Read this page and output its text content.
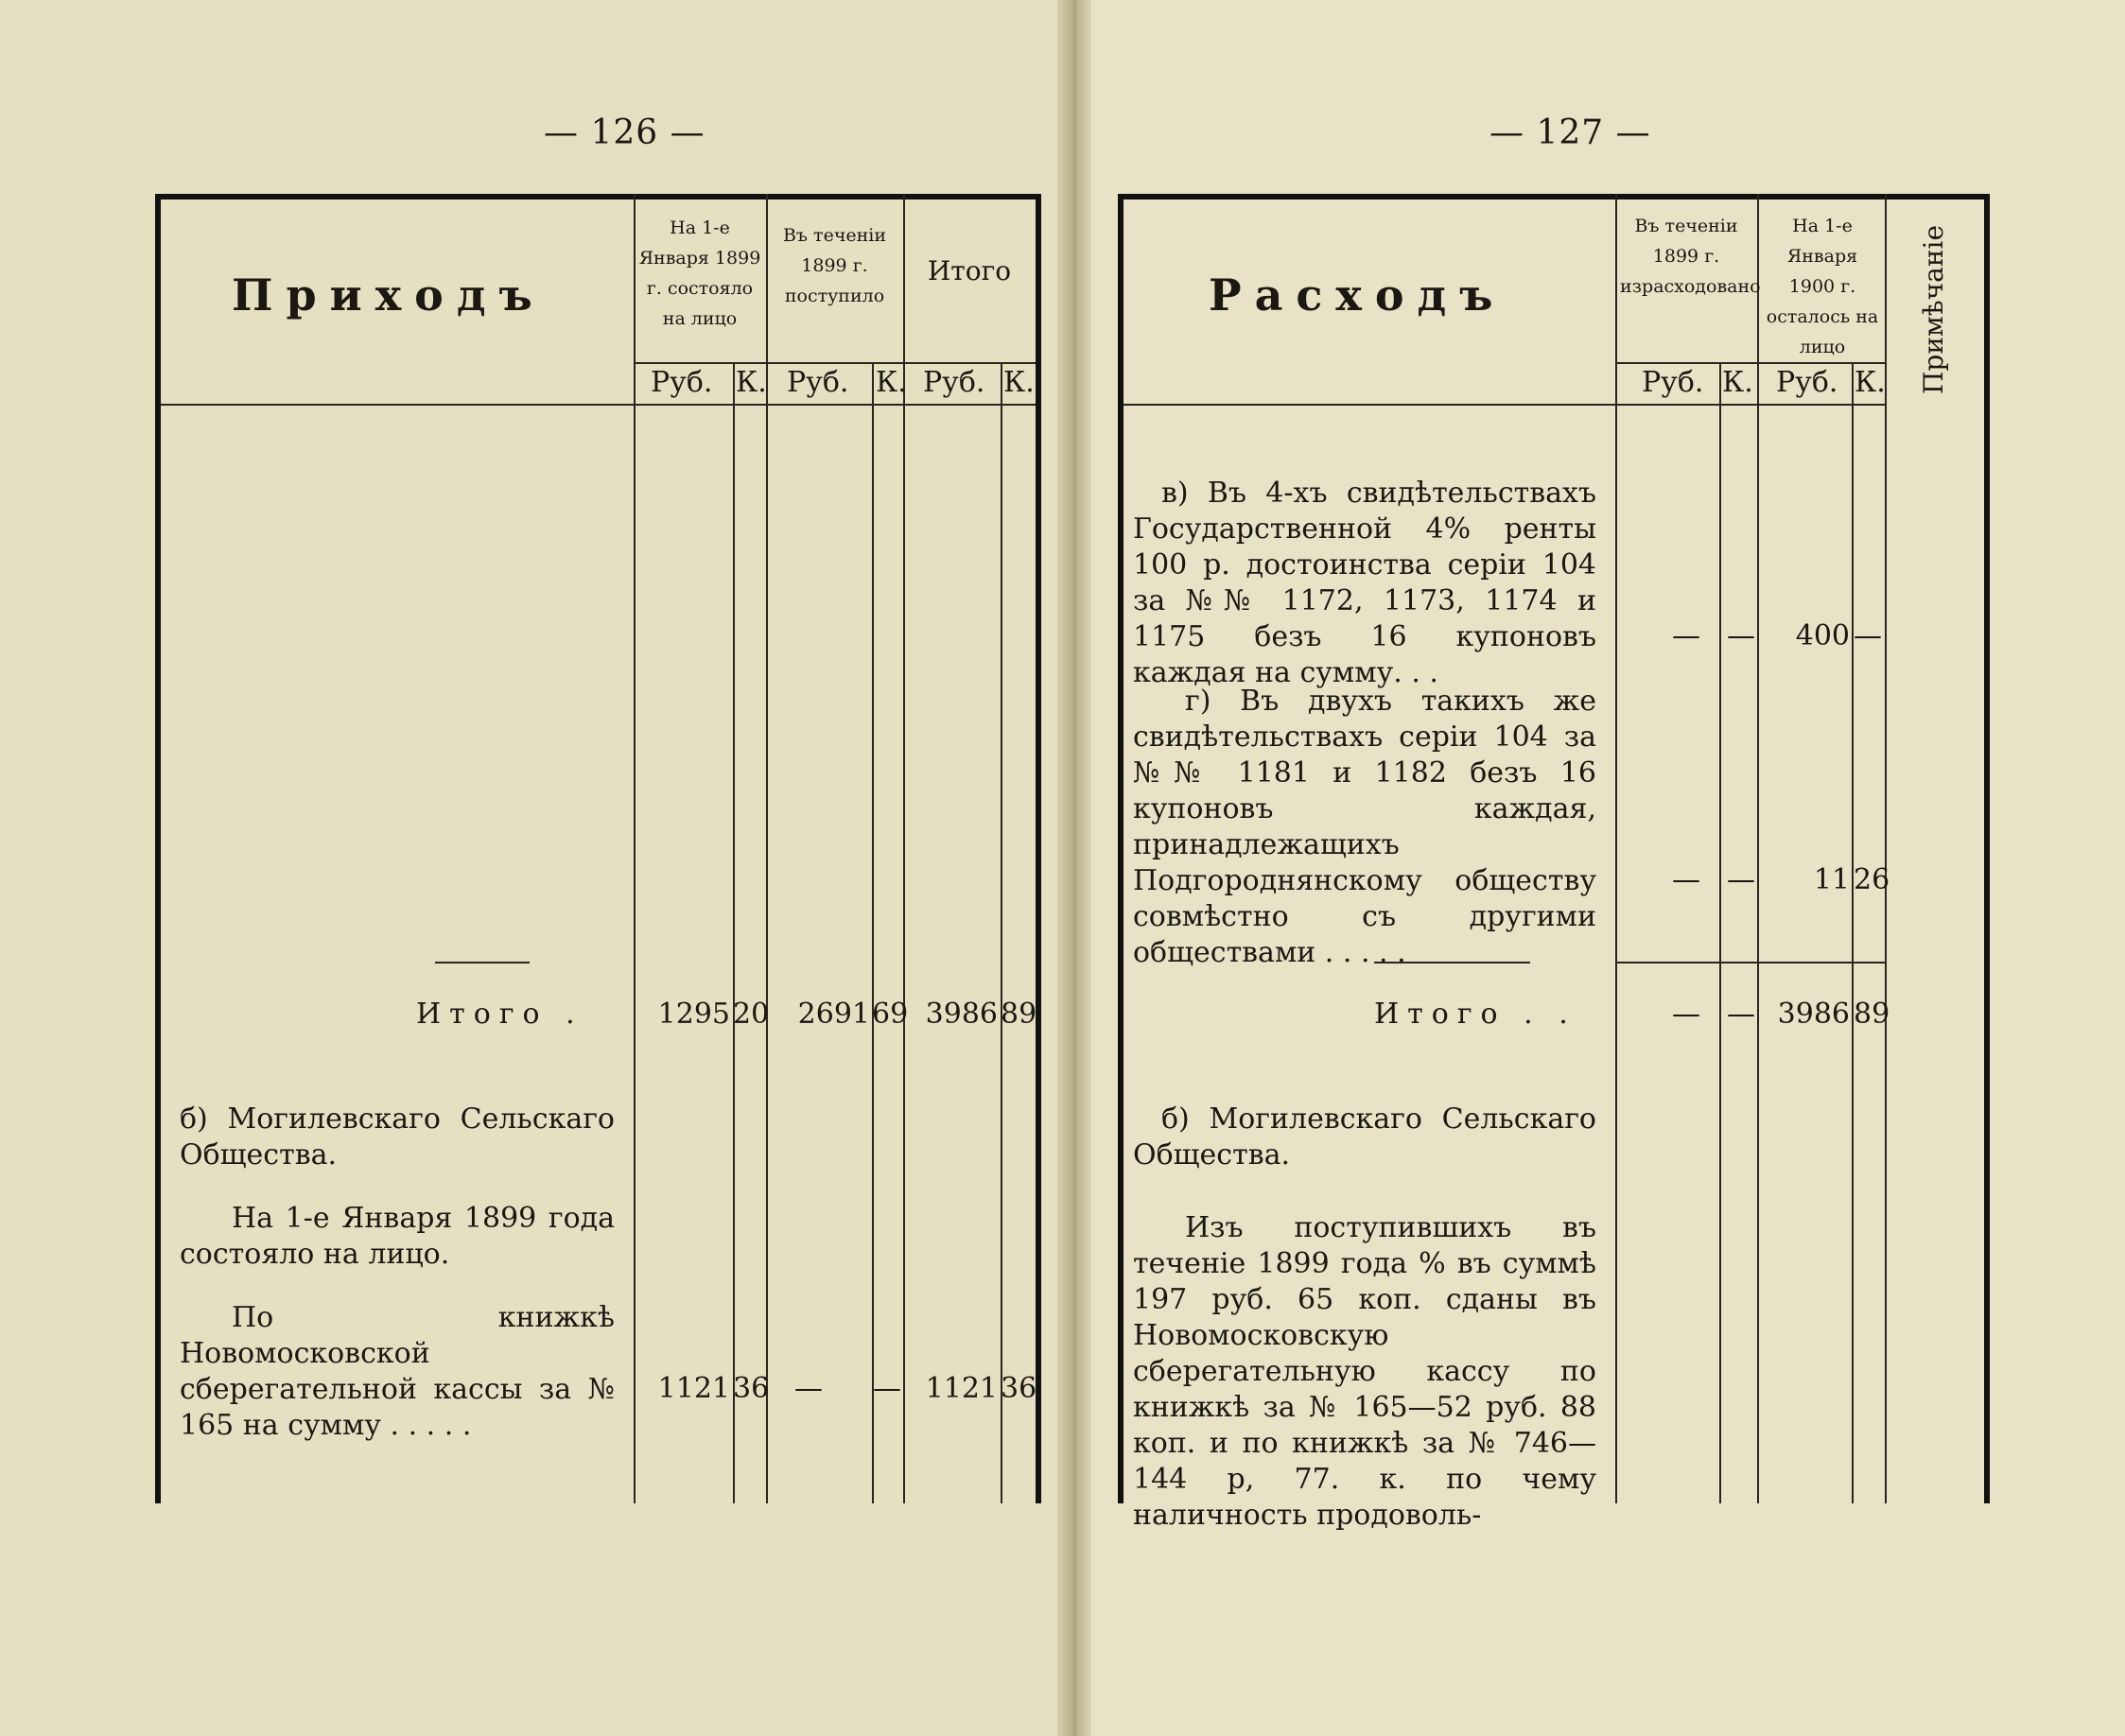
— 126 —
Приходъ
На 1-е Января 1899 г. состояло на лицо
Въ теченіи 1899 г. поступило
Итого
Руб. К. Руб. К. Руб. К.
Итого .	1295 20	2691 69 3986 89
б) Могилевскаго Сельскаго Общества.
На 1-е Января 1899 года состояло на лицо.
По книжкѣ Новомосковской сберегательной кассы за № 165 на сумму . . . . .
1121 36 — — 1121 36
— 127 —
Расходъ
Въ теченіи 1899 г. израсходовано
На 1-е Января 1900 г. осталось на лицо	Примѣчаніе
Руб. К. Руб. К.
в) Въ 4-хъ свидѣтельствахъ Государственной 4% ренты 100 р. достоинства серіи 104 за №№ 1172, 1173, 1174 и 1175 безъ 16 купоновъ каждая на сумму. . .
— —	400 —
г) Въ двухъ такихъ же свидѣтельствахъ серіи 104 за №№ 1181 и 1182 безъ 16 купоновъ каждая, принадлежащихъ Подгороднянскому обществу совмѣстно съ другими обществами . . . . .
— —	11 26
Итого . .	— — 3986 89
б) Могилевскаго Сельскаго Общества.
Изъ поступившихъ въ теченіе 1899 года % въ суммѣ 197 руб. 65 коп. сданы въ Новомосковскую сберегательную кассу по книжкѣ за № 165—52 руб. 88 коп. и по книжкѣ за № 746—144 р, 77. к. по чему наличность продоволь-
